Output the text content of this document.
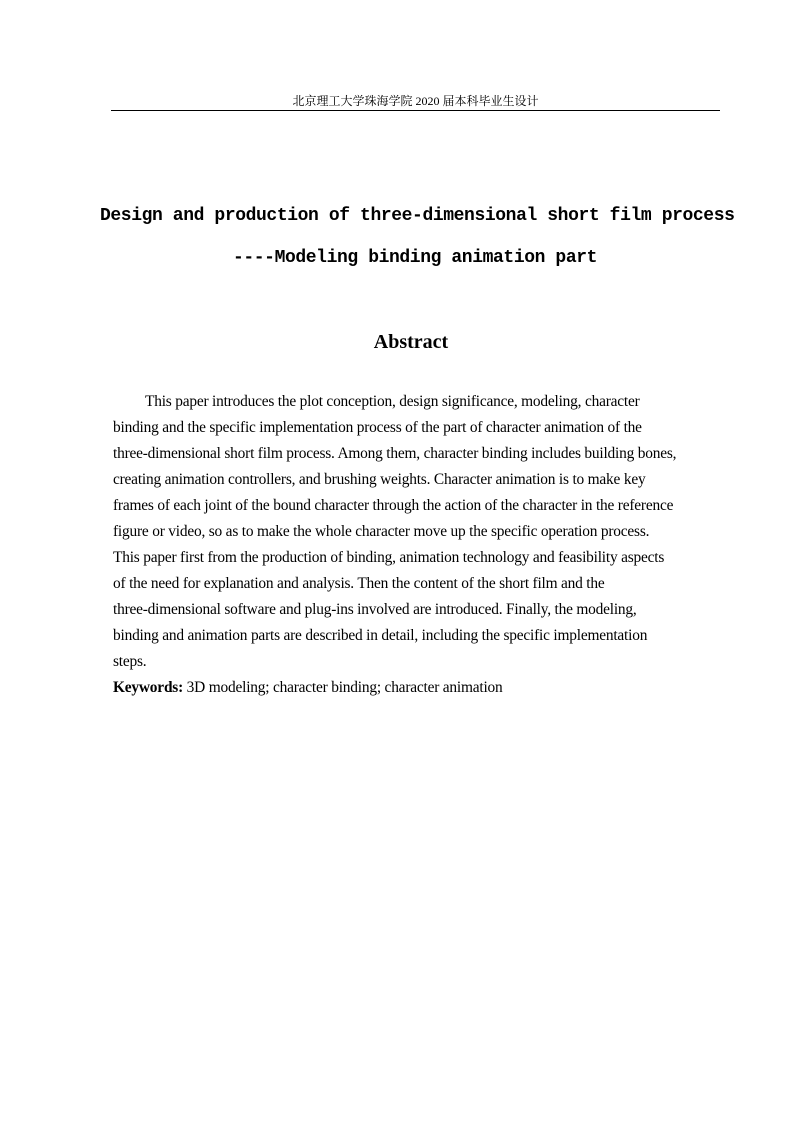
北京理工大学珠海学院 2020 届本科毕业生设计
Design and production of three-dimensional short film process
----Modeling binding animation part
Abstract
This paper introduces the plot conception, design significance, modeling, character
binding and the specific implementation process of the part of character animation of the
three-dimensional short film process. Among them, character binding includes building bones,
creating animation controllers, and brushing weights. Character animation is to make key
frames of each joint of the bound character through the action of the character in the reference
figure or video, so as to make the whole character move up the specific operation process.
This paper first from the production of binding, animation technology and feasibility aspects
of the need for explanation and analysis. Then the content of the short film and the
three-dimensional software and plug-ins involved are introduced. Finally, the modeling,
binding and animation parts are described in detail, including the specific implementation
steps.
Keywords: 3D modeling; character binding; character animation
